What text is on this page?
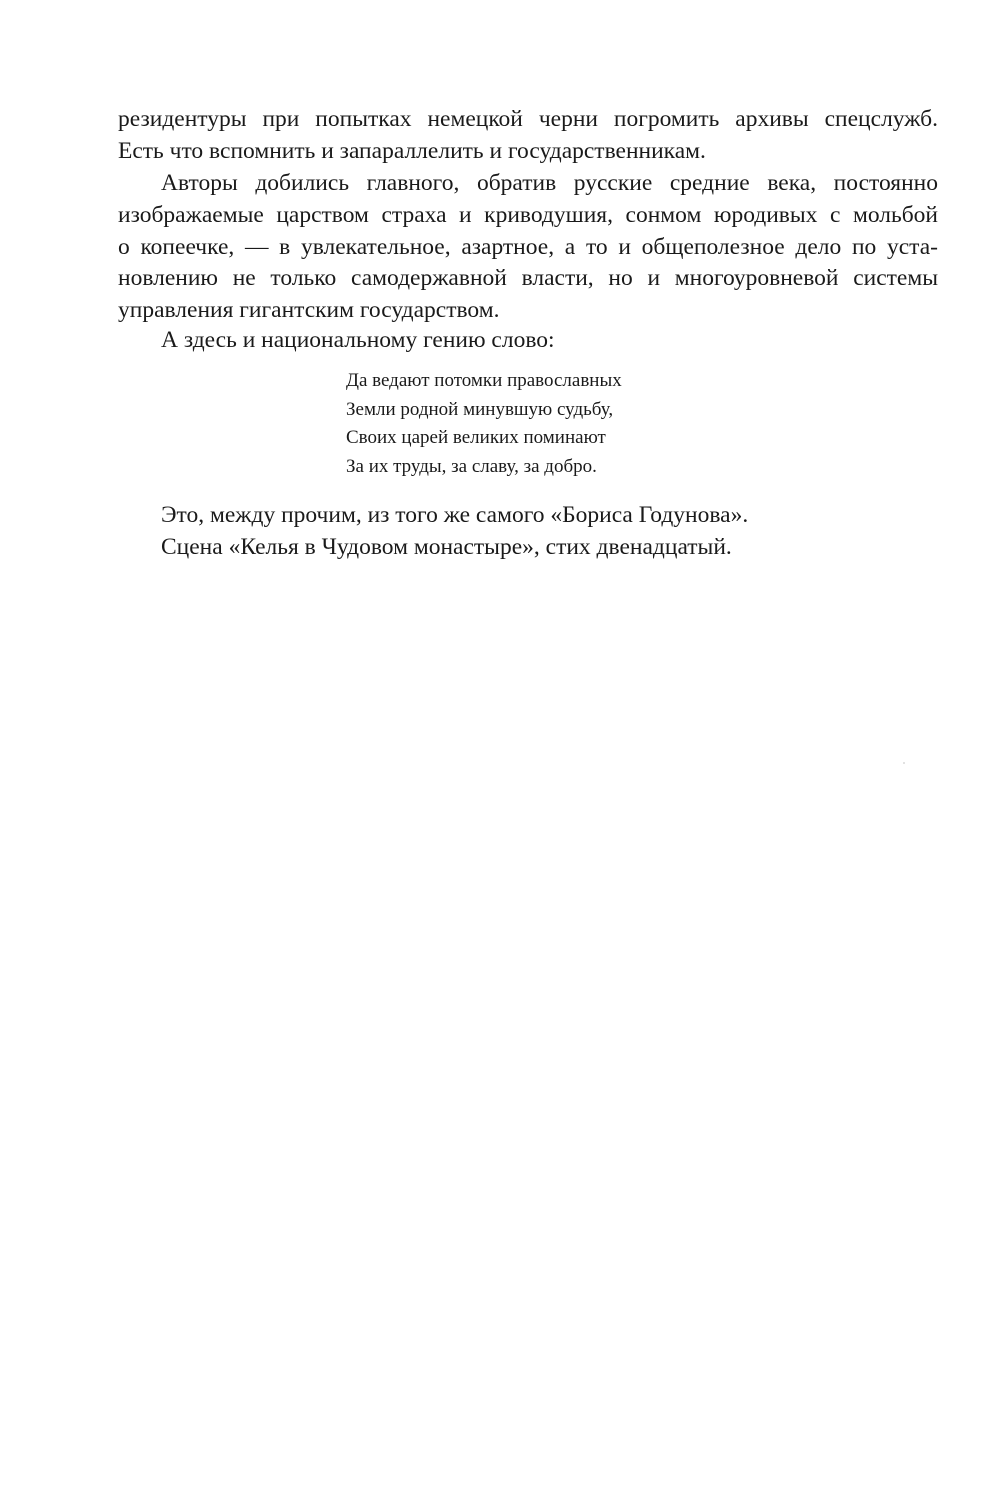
резидентуры при попытках немецкой черни погромить архивы спецслужб.
Есть что вспомнить и запараллелить и государственникам.
Авторы добились главного, обратив русские средние века, постоянно
изображаемые царством страха и криводушия, сонмом юродивых с мольбой
о копеечке, — в увлекательное, азартное, а то и общеполезное дело по уста-
новлению не только самодержавной власти, но и многоуровневой системы
управления гигантским государством.
А здесь и национальному гению слово:
Да ведают потомки православных
Земли родной минувшую судьбу,
Своих царей великих поминают
За их труды, за славу, за добро.
Это, между прочим, из того же самого «Бориса Годунова».
Сцена «Келья в Чудовом монастыре», стих двенадцатый.
